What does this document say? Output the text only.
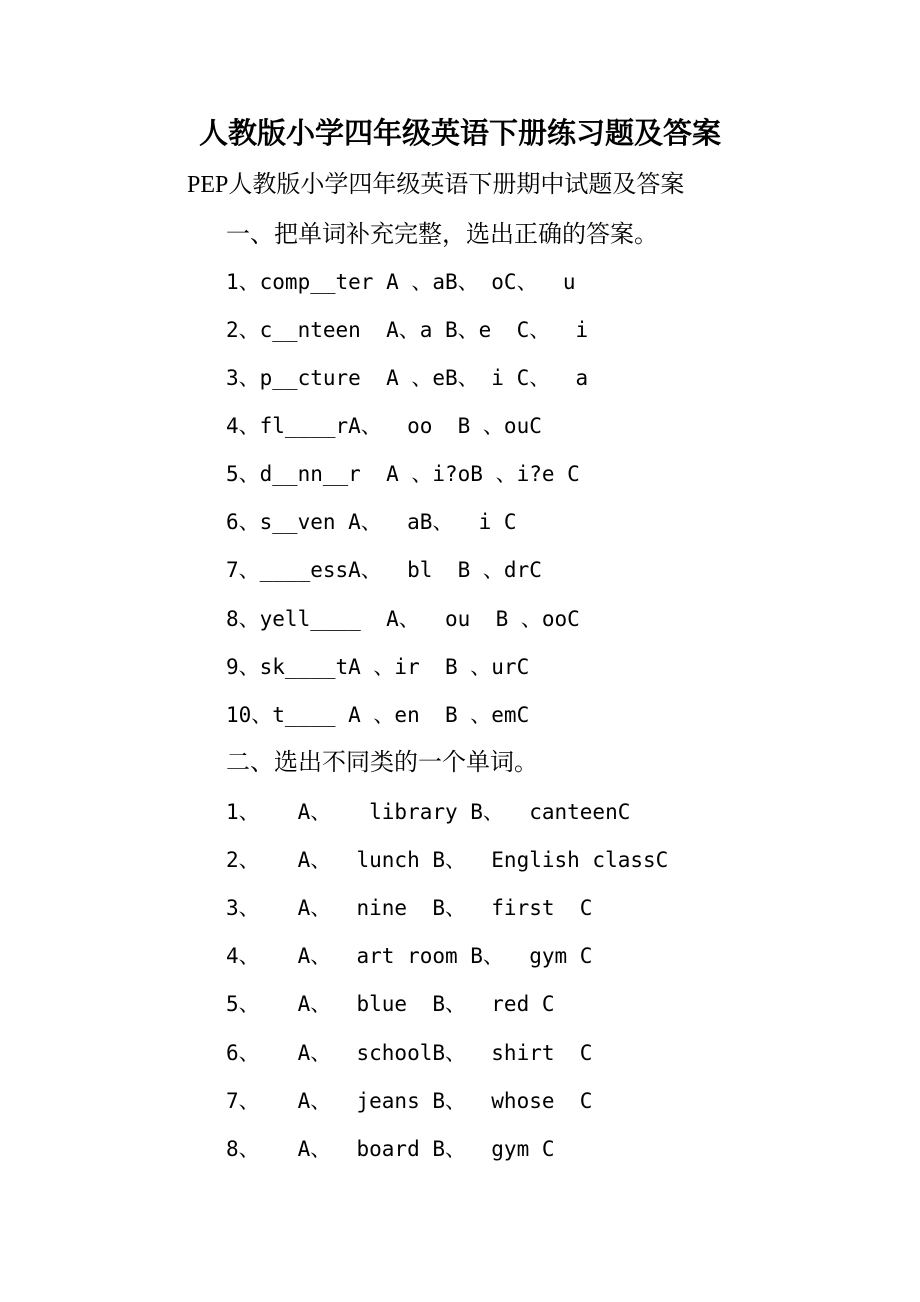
人教版小学四年级英语下册练习题及答案
PEP人教版小学四年级英语下册期中试题及答案
一、把单词补充完整，选出正确的答案。
1、comp__ter A 、aB、 oC、  u
2、c__nteen  A、a B、e  C、  i
3、p__cture  A 、eB、 i C、  a
4、fl____rA、  oo  B 、ouC
5、d__nn__r  A 、i?oB 、i?e C
6、s__ven A、  aB、  i C
7、____essA、  bl  B 、drC
8、yell____  A、  ou  B 、ooC
9、sk____tA 、ir  B 、urC
10、t____ A 、en  B 、emC
二、选出不同类的一个单词。
1、   A、   library B、  canteenC
2、   A、  lunch B、  English classC
3、   A、  nine  B、  first  C
4、   A、  art room B、  gym C
5、   A、  blue  B、  red C
6、   A、  schoolB、  shirt  C
7、   A、  jeans B、  whose  C
8、   A、  board B、  gym C
